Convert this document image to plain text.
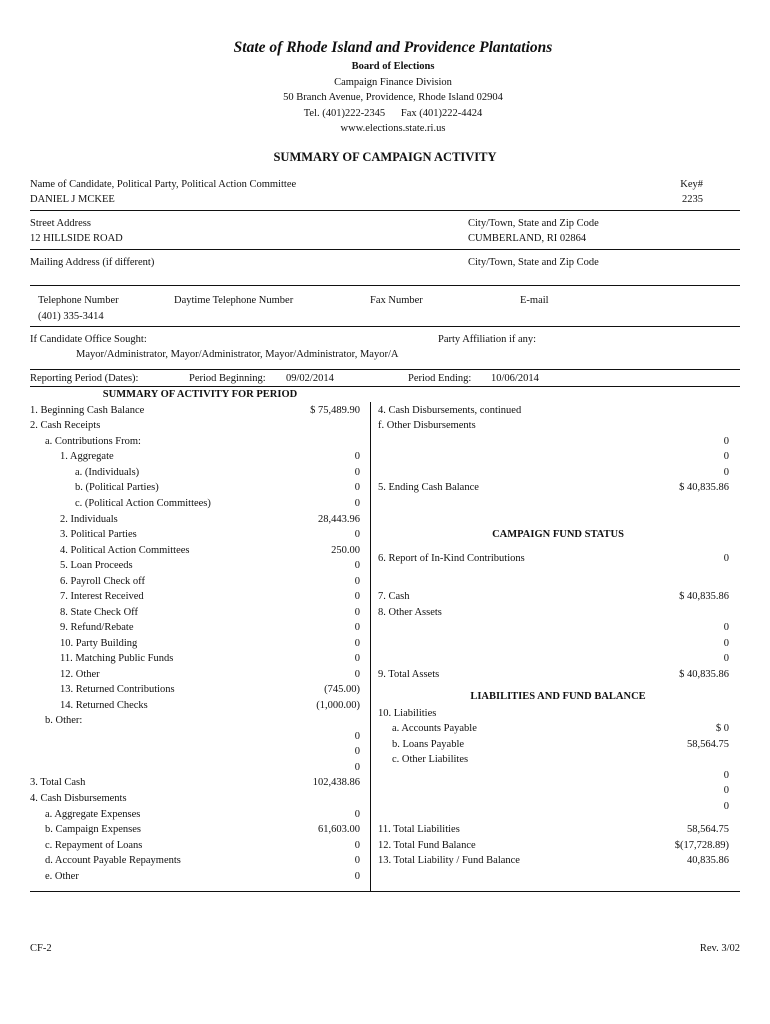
State of Rhode Island and Providence Plantations
Board of Elections
Campaign Finance Division
50 Branch Avenue, Providence, Rhode Island 02904
Tel. (401)222-2345      Fax (401)222-4424
www.elections.state.ri.us
SUMMARY OF CAMPAIGN ACTIVITY
Name of Candidate, Political Party, Political Action Committee
DANIEL J MCKEE
Key#
2235
Street Address
12 HILLSIDE ROAD
City/Town, State and Zip Code
CUMBERLAND, RI 02864
Mailing Address (if different)	City/Town, State and Zip Code
Telephone Number
(401) 335-3414
Daytime Telephone Number	Fax Number	E-mail
If Candidate Office Sought:	Party Affiliation if any:
Mayor/Administrator, Mayor/Administrator, Mayor/Administrator, Mayor/A
Reporting Period (Dates):	Period Beginning: 09/02/2014	Period Ending: 10/06/2014
SUMMARY OF ACTIVITY FOR PERIOD
1. Beginning Cash Balance	$ 75,489.90
2. Cash Receipts
a. Contributions From:
1. Aggregate	0
a. (Individuals)	0
b. (Political Parties)	0
c. (Political Action Committees)	0
2. Individuals	28,443.96
3. Political Parties	0
4. Political Action Committees	250.00
5. Loan Proceeds	0
6. Payroll Check off	0
7. Interest Received	0
8. State Check Off	0
9. Refund/Rebate	0
10. Party Building	0
11. Matching Public Funds	0
12. Other	0
13. Returned Contributions	(745.00)
14. Returned Checks	(1,000.00)
b. Other:
0
0
0
3. Total Cash	102,438.86
4. Cash Disbursements
a. Aggregate Expenses	0
b. Campaign Expenses	61,603.00
c. Repayment of Loans	0
d. Account Payable Repayments	0
e. Other	0
4. Cash Disbursements, continued
f. Other Disbursements
0
0
0
5. Ending Cash Balance	$ 40,835.86
CAMPAIGN FUND STATUS
6. Report of In-Kind Contributions	0
7. Cash	$ 40,835.86
8. Other Assets
0
0
0
9. Total Assets	$ 40,835.86
LIABILITIES AND FUND BALANCE
10. Liabilities
a. Accounts Payable	$ 0
b. Loans Payable	58,564.75
c. Other Liabilites
0
0
0
11. Total Liabilities	58,564.75
12. Total Fund Balance	$(17,728.89)
13. Total Liability / Fund Balance	40,835.86
CF-2	Rev. 3/02
